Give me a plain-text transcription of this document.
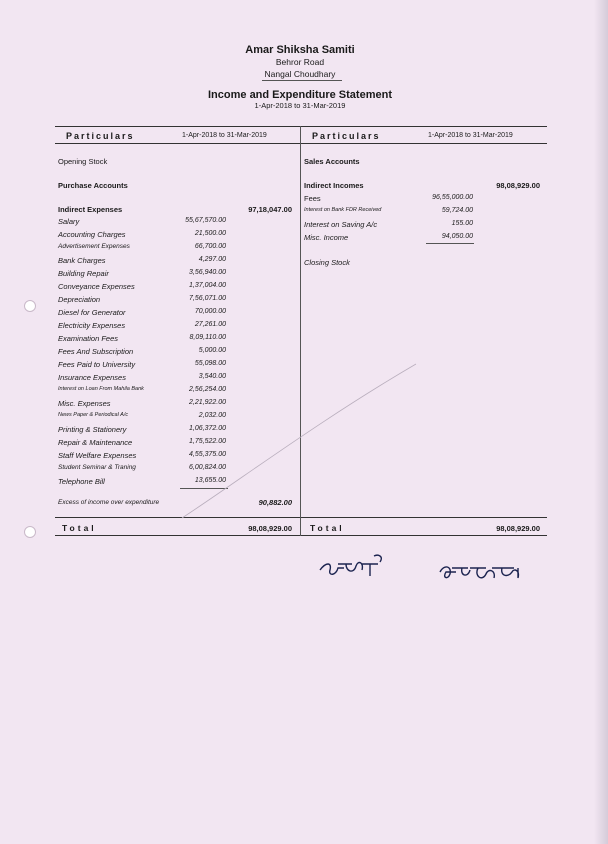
Amar Shiksha Samiti
Behror Road
Nangal Choudhary
Income and Expenditure Statement
1-Apr-2018 to 31-Mar-2019
Particulars	1-Apr-2018 to 31-Mar-2019	Particulars	1-Apr-2018 to 31-Mar-2019
Opening Stock
Purchase Accounts
Indirect Expenses	97,18,047.00
Salary	55,67,570.00
Accounting Charges	21,500.00
Advertisement Expenses	66,700.00
Bank Charges	4,297.00
Building Repair	3,56,940.00
Conveyance Expenses	1,37,004.00
Depreciation	7,56,071.00
Diesel for Generator	70,000.00
Electricity Expenses	27,261.00
Examination Fees	8,09,110.00
Fees And Subscription	5,000.00
Fees Paid to University	55,098.00
Insurance Expenses	3,540.00
Interest on Loan From Mahila Bank	2,56,254.00
Misc. Expenses	2,21,922.00
News Paper & Periodical A/c	2,032.00
Printing & Stationery	1,06,372.00
Repair & Maintenance	1,75,522.00
Staff Welfare Expenses	4,55,375.00
Student Seminar & Traning	6,00,824.00
Telephone Bill	13,655.00
Excess of income over expenditure	90,882.00
Total	98,08,929.00
Sales Accounts
Indirect Incomes	98,08,929.00
Fees	96,55,000.00
Interest on Bank FDR Received	59,724.00
Interest on Saving A/c	155.00
Misc. Income	94,050.00
Closing Stock
Total	98,08,929.00
